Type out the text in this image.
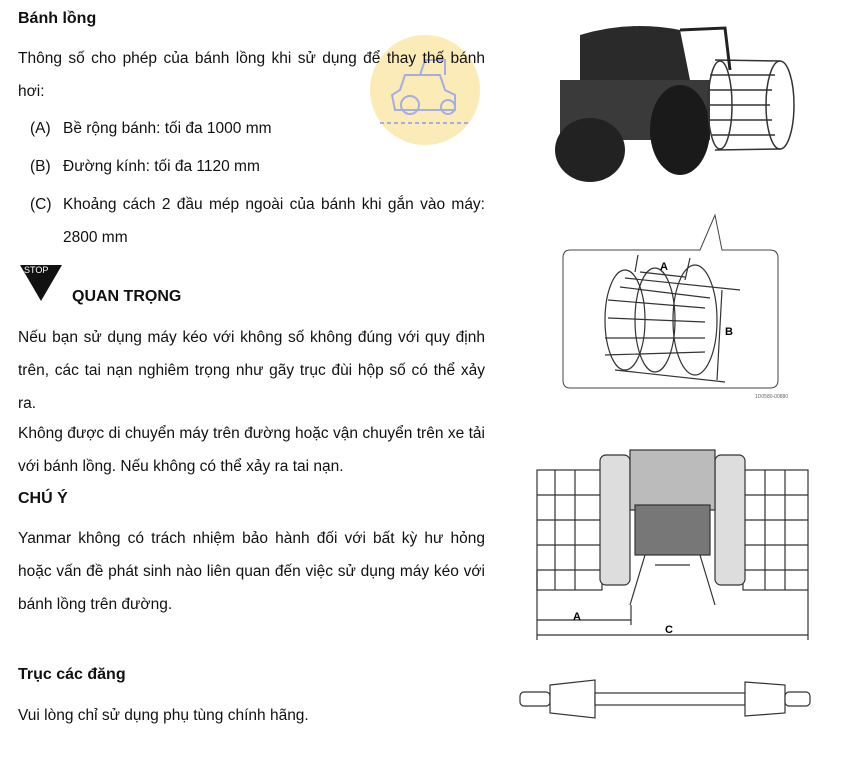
Bánh lồng

Thông số cho phép của bánh lồng khi sử dụng để thay thế bánh hơi:

(A) Bề rộng bánh: tối đa 1000 mm
(B) Đường kính: tối đa 1120 mm
(C) Khoảng cách 2 đầu mép ngoài của bánh khi gắn vào máy: 2800 mm
STOP
QUAN TRỌNG

Nếu bạn sử dụng máy kéo với không số không đúng với quy định trên, các tai nạn nghiêm trọng như gãy trục đùi hộp số có thể xảy ra.

Không được di chuyển máy trên đường hoặc vận chuyển trên xe tải với bánh lồng. Nếu không có thể xảy ra tai nạn.

CHÚ Ý

Yanmar không có trách nhiệm bảo hành đối với bất kỳ hư hỏng hoặc vấn đề phát sinh nào liên quan đến việc sử dụng máy kéo với bánh lồng trên đường.

Trục các đăng

Vui lòng chỉ sử dụng phụ tùng chính hãng.

A
B
1D0580-00880
A
C
